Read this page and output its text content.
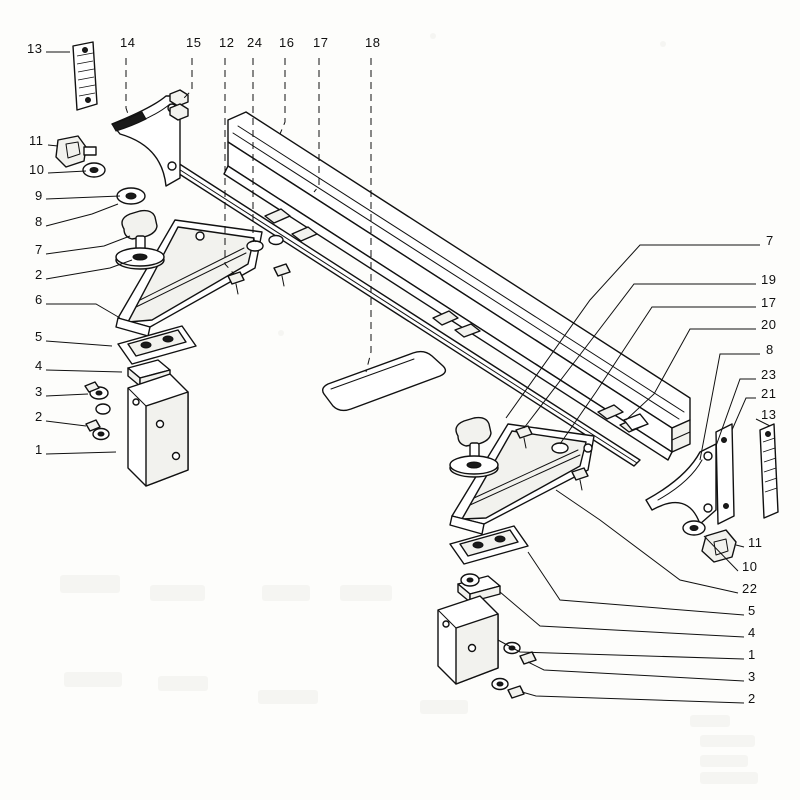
13	14	15 12 24 16 17	18
11
10
9
8
7
2
6
5
4
3
2
1
7
19
17
20
8
23
21
13
11
10
22
5
4
1
3
2
